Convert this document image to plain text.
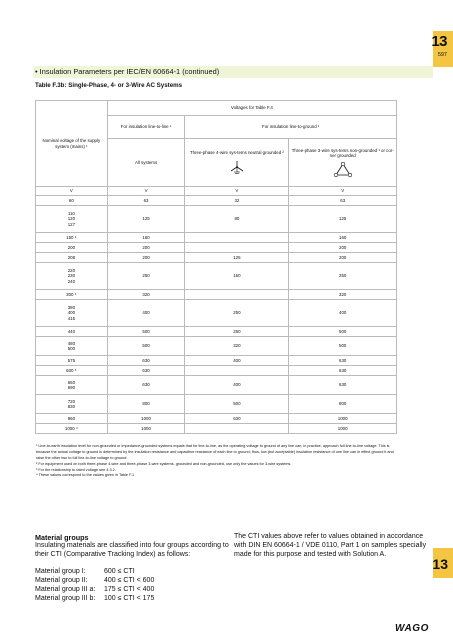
13
597
• Insulation Parameters per IEC/EN 60664-1 (continued)
Table F.3b: Single-Phase, 4- or 3-Wire AC Systems
Nominal voltage of the supply system (mains) ¹	Voltages for Table F.4		
	For insulation line-to-line ¹	For insulation line-to-ground ¹	
	All systems	Three-phase 4-wire sys-tems neutral grounded ²	Three-phase 3-wire sys-tems non-grounded ¹ or cor-ner grounded

V	V	V	V
60	63	32	63
110
120
127	125	80	125
150 ⁴	160		160
200	200		200
208	200	125	200
220
230
240	250	160	250
300 ⁴	320		320
380
400
415	400	250	400
440	500	250	500
480
500	500	320	500
575	630	400	630
600 ⁴	630		630
660
690	630	400	630
720
830	800	500	800
960	1000	630	1000
1000 ⁴	1000		1000

¹ Line-to-earth insulation level for non-grounded or impedance-grounded systems equals that for line-to-line, as the operating voltage to ground of any line can, in practice, approach full line-to-line voltage. This is because the actual voltage to ground is determined by the insulation resistance and capacitive reactance of each line to ground; thus, low (but acceptable) insulation resistance of one line can in effect ground it and raise the other two to full line-to-line voltage to ground.

² For equipment used on both three-phase 4-wire and three-phase 3-wire systems, grounded and non-grounded, use only the values for 3-wire systems.

³ For the relationship to rated voltage see 4.3.2.

⁴ These values correspond to the values given in Table F.1.

Material groups

Insulating materials are classified into four groups according to their CTI (Comparative Tracking Index) as follows:

Material group I:	600 ≤ CTI
Material group II:	400 ≤ CTI < 600
Material group III a:	175 ≤ CTI < 400
Material group III b:	100 ≤ CTI < 175

The CTI values above refer to values obtained in accordance with DIN EN 60664-1 / VDE 0110, Part 1 on samples specially made for this purpose and tested with Solution A.

13
WAGO
